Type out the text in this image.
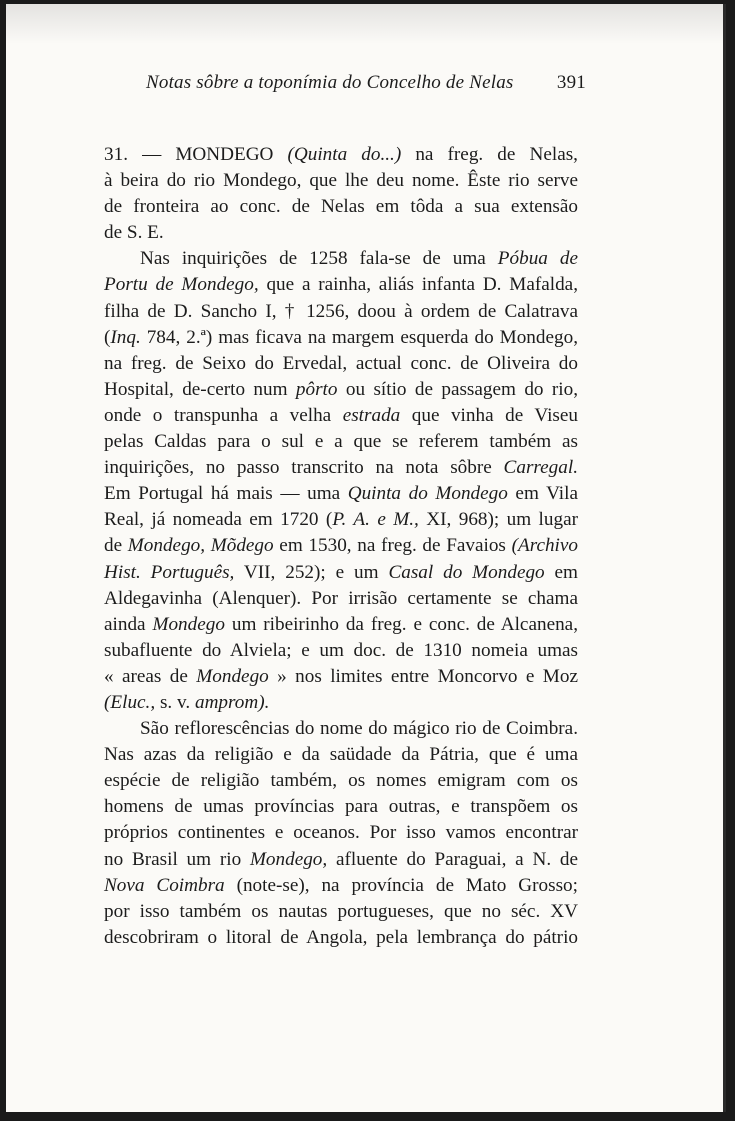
Notas sôbre a toponímia do Concelho de Nelas 391

31. — MONDEGO (Quinta do...) na freg. de Nelas,
à beira do rio Mondego, que lhe deu nome. Êste rio serve
de fronteira ao conc. de Nelas em tôda a sua extensão
de S. E.

Nas inquirições de 1258 fala-se de uma Póbua de
Portu de Mondego, que a rainha, aliás infanta D. Mafalda,
filha de D. Sancho I, † 1256, doou à ordem de Calatrava
(Inq. 784, 2.ª) mas ficava na margem esquerda do Mondego,
na freg. de Seixo do Ervedal, actual conc. de Oliveira do
Hospital, de-certo num pôrto ou sítio de passagem do rio,
onde o transpunha a velha estrada que vinha de Viseu
pelas Caldas para o sul e a que se referem também as
inquirições, no passo transcrito na nota sôbre Carregal.
Em Portugal há mais — uma Quinta do Mondego em Vila
Real, já nomeada em 1720 (P. A. e M., XI, 968); um lugar
de Mondego, Mõdego em 1530, na freg. de Favaios (Archivo
Hist. Português, VII, 252); e um Casal do Mondego em
Aldegavinha (Alenquer). Por irrisão certamente se chama
ainda Mondego um ribeirinho da freg. e conc. de Alcanena,
subafluente do Alviela; e um doc. de 1310 nomeia umas
« areas de Mondego » nos limites entre Moncorvo e Moz
(Eluc., s. v. amprom).

São reflorescências do nome do mágico rio de Coimbra.
Nas azas da religião e da saüdade da Pátria, que é uma
espécie de religião também, os nomes emigram com os
homens de umas províncias para outras, e transpõem os
próprios continentes e oceanos. Por isso vamos encontrar
no Brasil um rio Mondego, afluente do Paraguai, a N. de
Nova Coimbra (note-se), na província de Mato Grosso;
por isso também os nautas portugueses, que no séc. XV
descobriram o litoral de Angola, pela lembrança do pátrio
